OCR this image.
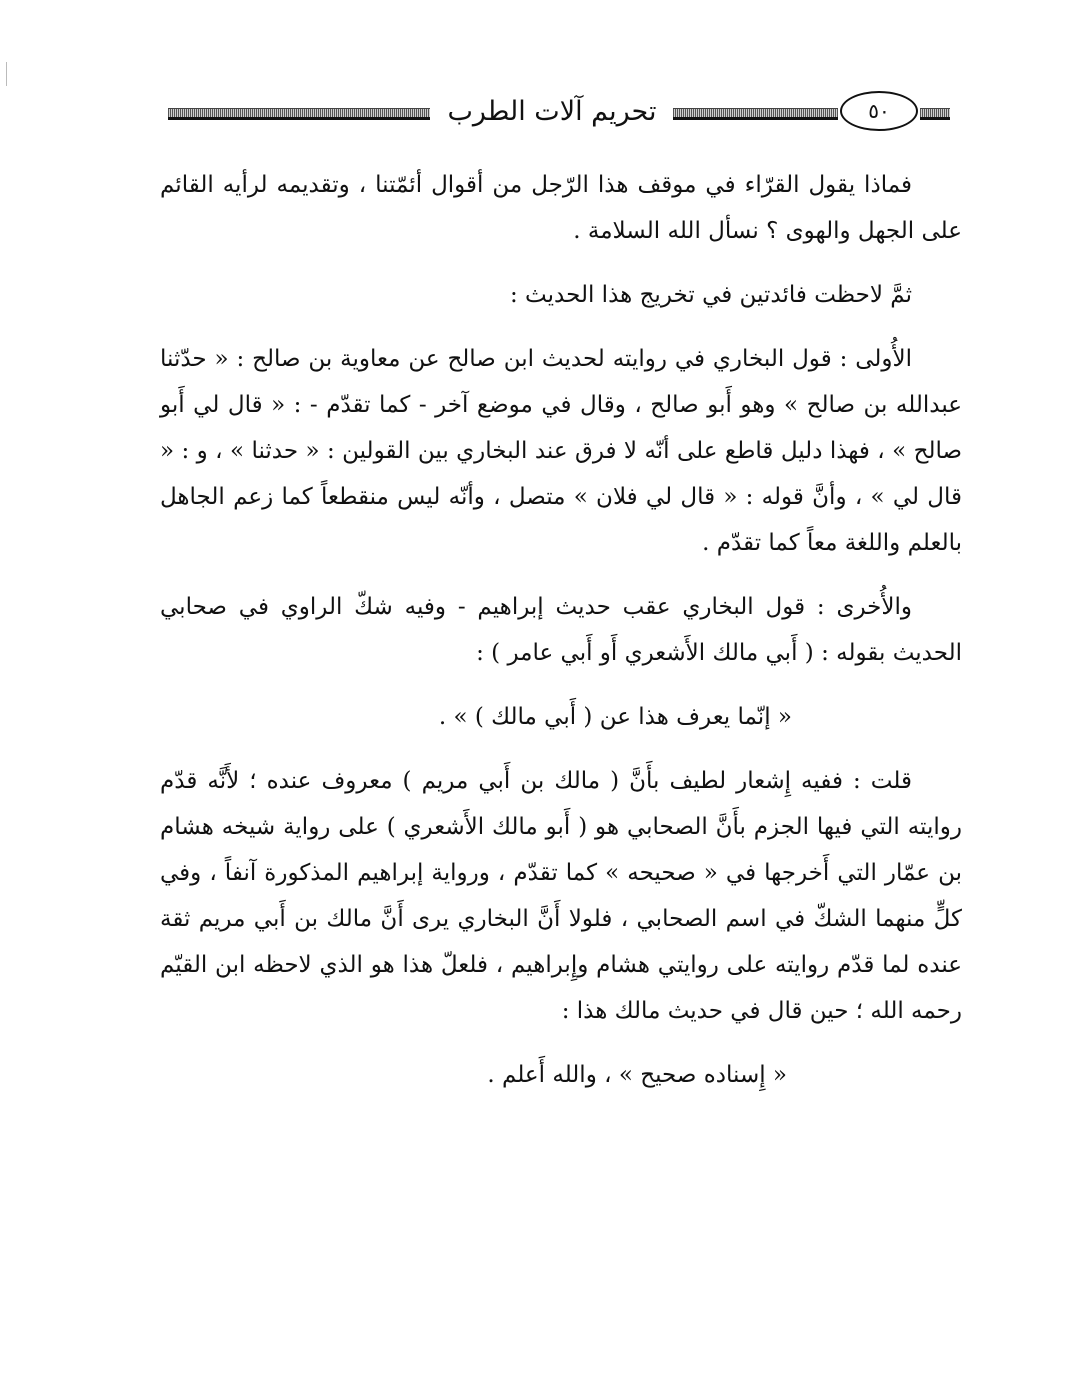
تحريم آلات الطرب	٥٠

فماذا يقول القرّاء في موقف هذا الرّجل من أقوال أئمّتنا ، وتقديمه لرأيه القائم على الجهل والهوى ؟ نسأل الله السلامة .

ثمَّ لاحظت فائدتين في تخريج هذا الحديث :

الأُولى : قول البخاري في روايته لحديث ابن صالح عن معاوية بن صالح : « حدّثنا عبدالله بن صالح » وهو أَبو صالح ، وقال في موضع آخر - كما تقدّم - : « قال لي أَبو صالح » ، فهذا دليل قاطع على أنّه لا فرق عند البخاري بين القولين : « حدثنا » ، و : « قال لي » ، وأنَّ قوله : « قال لي فلان » متصل ، وأنّه ليس منقطعاً كما زعم الجاهل بالعلم واللغة معاً كما تقدّم .

والأُخرى : قول البخاري عقب حديث إبراهيم - وفيه شكّ الراوي في صحابي الحديث بقوله : ( أَبي مالك الأَشعري أَو أَبي عامر ) :

« إنّما يعرف هذا عن ( أَبي مالك ) » .

قلت : ففيه إِشعار لطيف بأَنَّ ( مالك بن أَبي مريم ) معروف عنده ؛ لأَنَّه قدّم روايته التي فيها الجزم بأَنَّ الصحابي هو ( أَبو مالك الأَشعري ) على رواية شيخه هشام بن عمّار التي أَخرجها في « صحيحه » كما تقدّم ، ورواية إبراهيم المذكورة آنفاً ، وفي كلٍّ منهما الشكّ في اسم الصحابي ، فلولا أَنَّ البخاري يرى أَنَّ مالك بن أَبي مريم ثقة عنده لما قدّم روايته على روايتي هشام وإِبراهيم ، فلعلّ هذا هو الذي لاحظه ابن القيّم رحمه الله ؛ حين قال في حديث مالك هذا :

« إِسناده صحيح » ، والله أَعلم .
